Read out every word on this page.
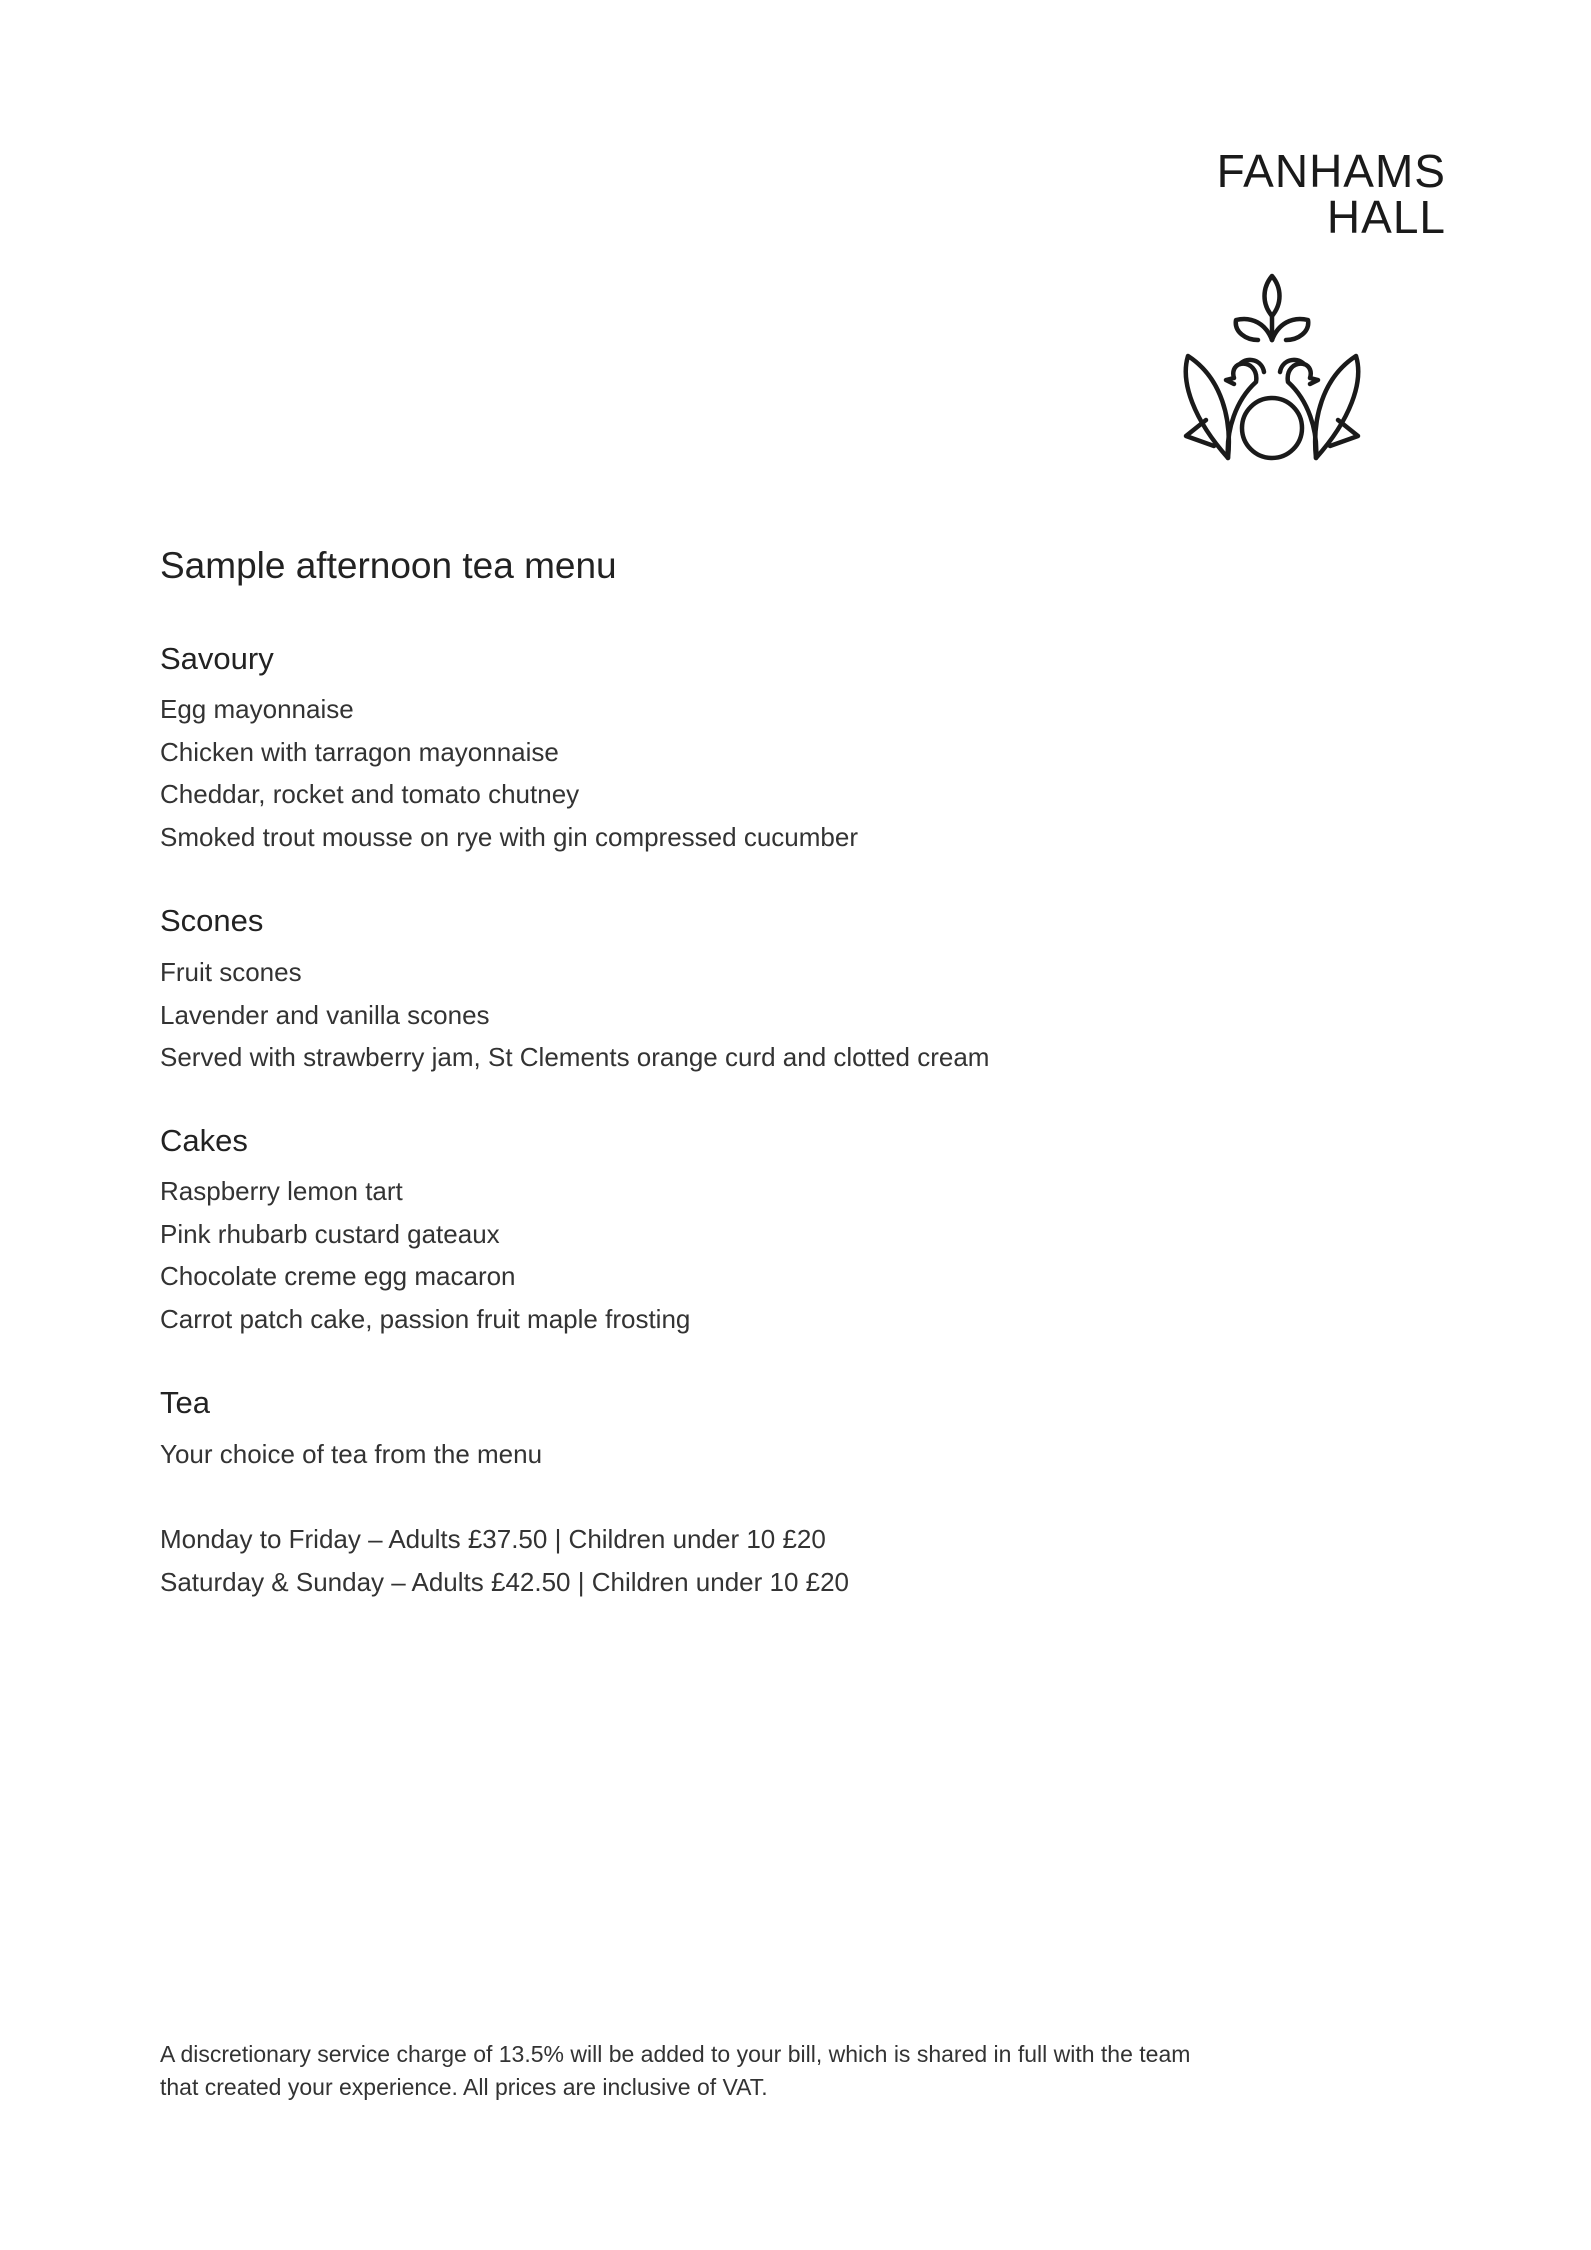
FANHAMS HALL
Sample afternoon tea menu
Savoury
Egg mayonnaise
Chicken with tarragon mayonnaise
Cheddar, rocket and tomato chutney
Smoked trout mousse on rye with gin compressed cucumber
Scones
Fruit scones
Lavender and vanilla scones
Served with strawberry jam, St Clements orange curd and clotted cream
Cakes
Raspberry lemon tart
Pink rhubarb custard gateaux
Chocolate creme egg macaron
Carrot patch cake, passion fruit maple frosting
Tea
Your choice of tea from the menu
Monday to Friday – Adults £37.50 | Children under 10 £20
Saturday & Sunday – Adults £42.50 | Children under 10 £20

A discretionary service charge of 13.5% will be added to your bill, which is shared in full with the team that created your experience. All prices are inclusive of VAT.
